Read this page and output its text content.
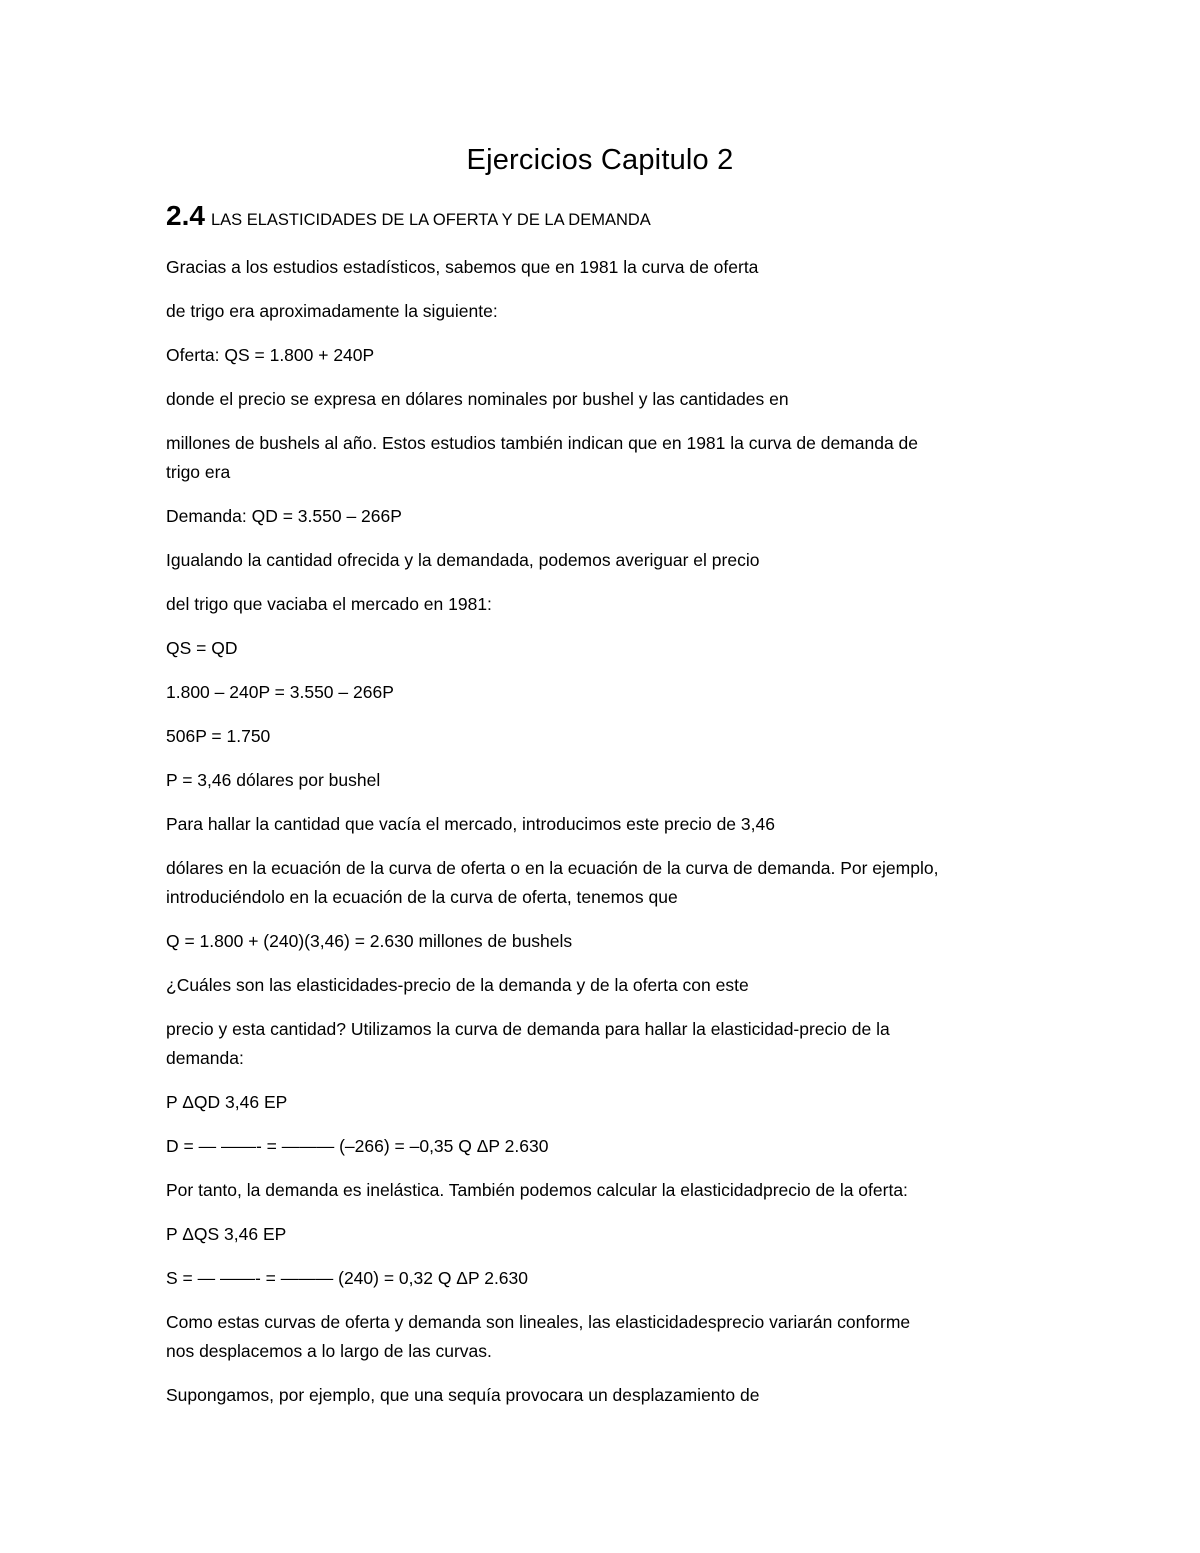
Ejercicios Capitulo 2
2.4 LAS ELASTICIDADES DE LA OFERTA Y DE LA DEMANDA
Gracias a los estudios estadísticos, sabemos que en 1981 la curva de oferta
de trigo era aproximadamente la siguiente:
Oferta: QS = 1.800 + 240P
donde el precio se expresa en dólares nominales por bushel y las cantidades en
millones de bushels al año. Estos estudios también indican que en 1981 la curva de demanda de
trigo era
Demanda: QD = 3.550 – 266P
Igualando la cantidad ofrecida y la demandada, podemos averiguar el precio
del trigo que vaciaba el mercado en 1981:
QS = QD
1.800 – 240P = 3.550 – 266P
506P = 1.750
P = 3,46 dólares por bushel
Para hallar la cantidad que vacía el mercado, introducimos este precio de 3,46
dólares en la ecuación de la curva de oferta o en la ecuación de la curva de demanda. Por ejemplo,
introduciéndolo en la ecuación de la curva de oferta, tenemos que
Q = 1.800 + (240)(3,46) = 2.630 millones de bushels
¿Cuáles son las elasticidades-precio de la demanda y de la oferta con este
precio y esta cantidad? Utilizamos la curva de demanda para hallar la elasticidad-precio de la
demanda:
P ΔQD 3,46 EP
D = — ——- = ——— (–266) = –0,35 Q ΔP 2.630
Por tanto, la demanda es inelástica. También podemos calcular la elasticidadprecio de la oferta:
P ΔQS 3,46 EP
S = — ——- = ——— (240) = 0,32 Q ΔP 2.630
Como estas curvas de oferta y demanda son lineales, las elasticidadesprecio variarán conforme
nos desplacemos a lo largo de las curvas.
Supongamos, por ejemplo, que una sequía provocara un desplazamiento de
